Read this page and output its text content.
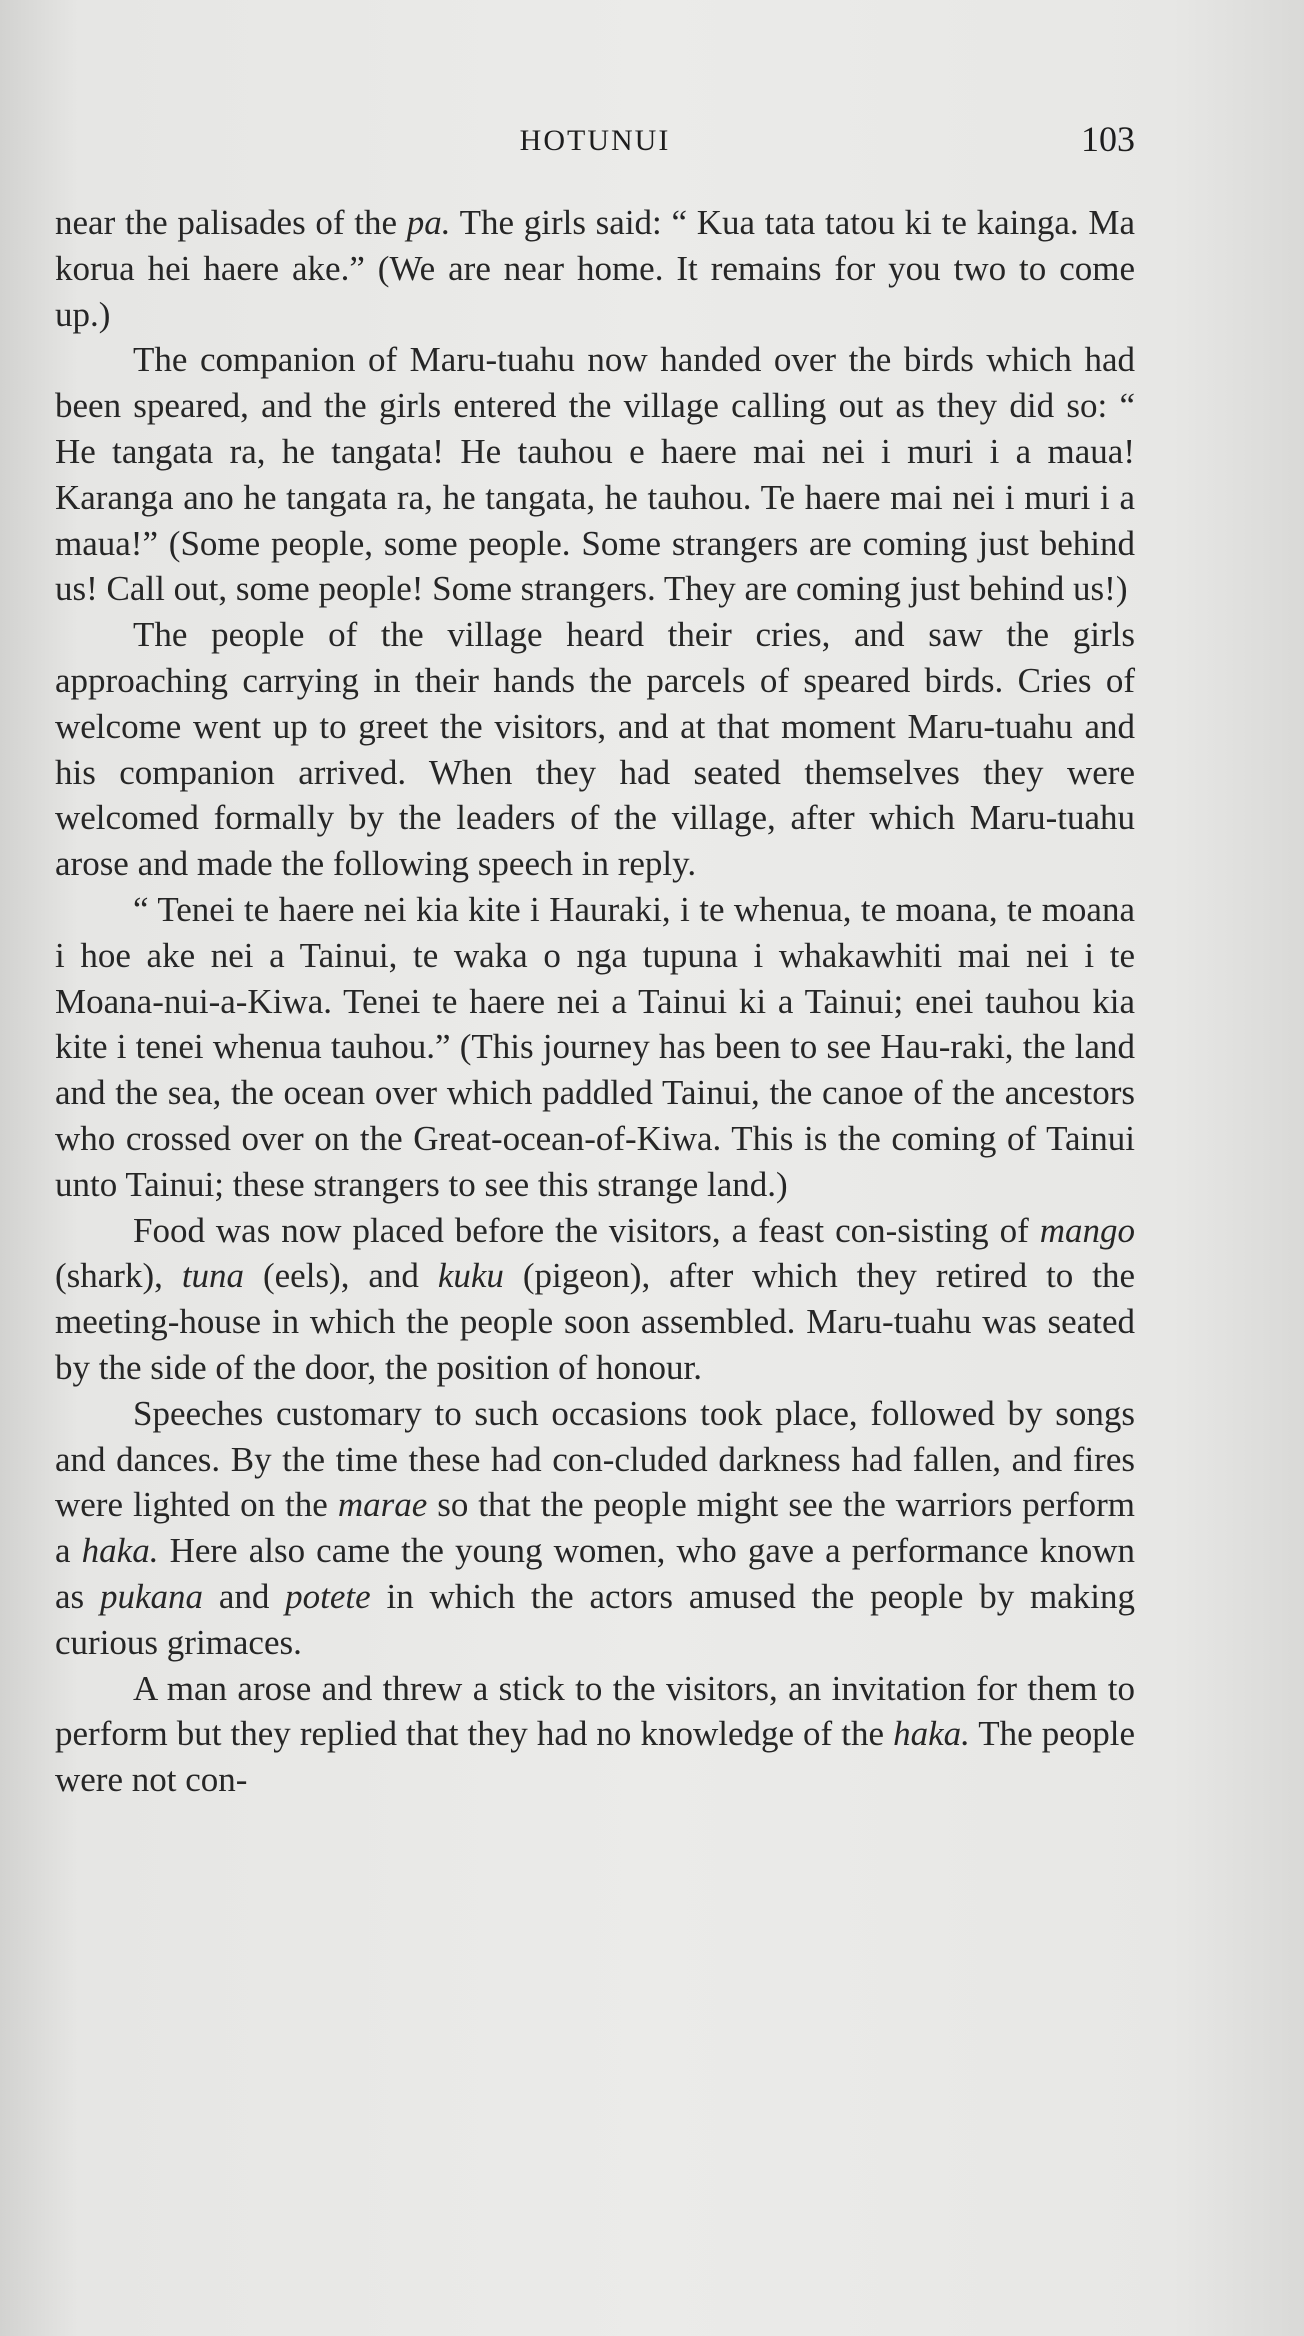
HOTUNUI	103

near the palisades of the pa. The girls said: “ Kua tata tatou ki te kainga. Ma korua hei haere ake.” (We are near home. It remains for you two to come up.)

The companion of Maru-tuahu now handed over the birds which had been speared, and the girls entered the village calling out as they did so: “ He tangata ra, he tangata! He tauhou e haere mai nei i muri i a maua! Karanga ano he tangata ra, he tangata, he tauhou. Te haere mai nei i muri i a maua!” (Some people, some people. Some strangers are coming just behind us! Call out, some people! Some strangers. They are coming just behind us!)

The people of the village heard their cries, and saw the girls approaching carrying in their hands the parcels of speared birds. Cries of welcome went up to greet the visitors, and at that moment Maru-tuahu and his companion arrived. When they had seated themselves they were welcomed formally by the leaders of the village, after which Maru-tuahu arose and made the following speech in reply.

“ Tenei te haere nei kia kite i Hauraki, i te whenua, te moana, te moana i hoe ake nei a Tainui, te waka o nga tupuna i whakawhiti mai nei i te Moana-nui-a-Kiwa. Tenei te haere nei a Tainui ki a Tainui; enei tauhou kia kite i tenei whenua tauhou.” (This journey has been to see Hau-raki, the land and the sea, the ocean over which paddled Tainui, the canoe of the ancestors who crossed over on the Great-ocean-of-Kiwa. This is the coming of Tainui unto Tainui; these strangers to see this strange land.)

Food was now placed before the visitors, a feast con-sisting of mango (shark), tuna (eels), and kuku (pigeon), after which they retired to the meeting-house in which the people soon assembled. Maru-tuahu was seated by the side of the door, the position of honour.

Speeches customary to such occasions took place, followed by songs and dances. By the time these had con-cluded darkness had fallen, and fires were lighted on the marae so that the people might see the warriors perform a haka. Here also came the young women, who gave a performance known as pukana and potete in which the actors amused the people by making curious grimaces.

A man arose and threw a stick to the visitors, an invitation for them to perform but they replied that they had no knowledge of the haka. The people were not con-
